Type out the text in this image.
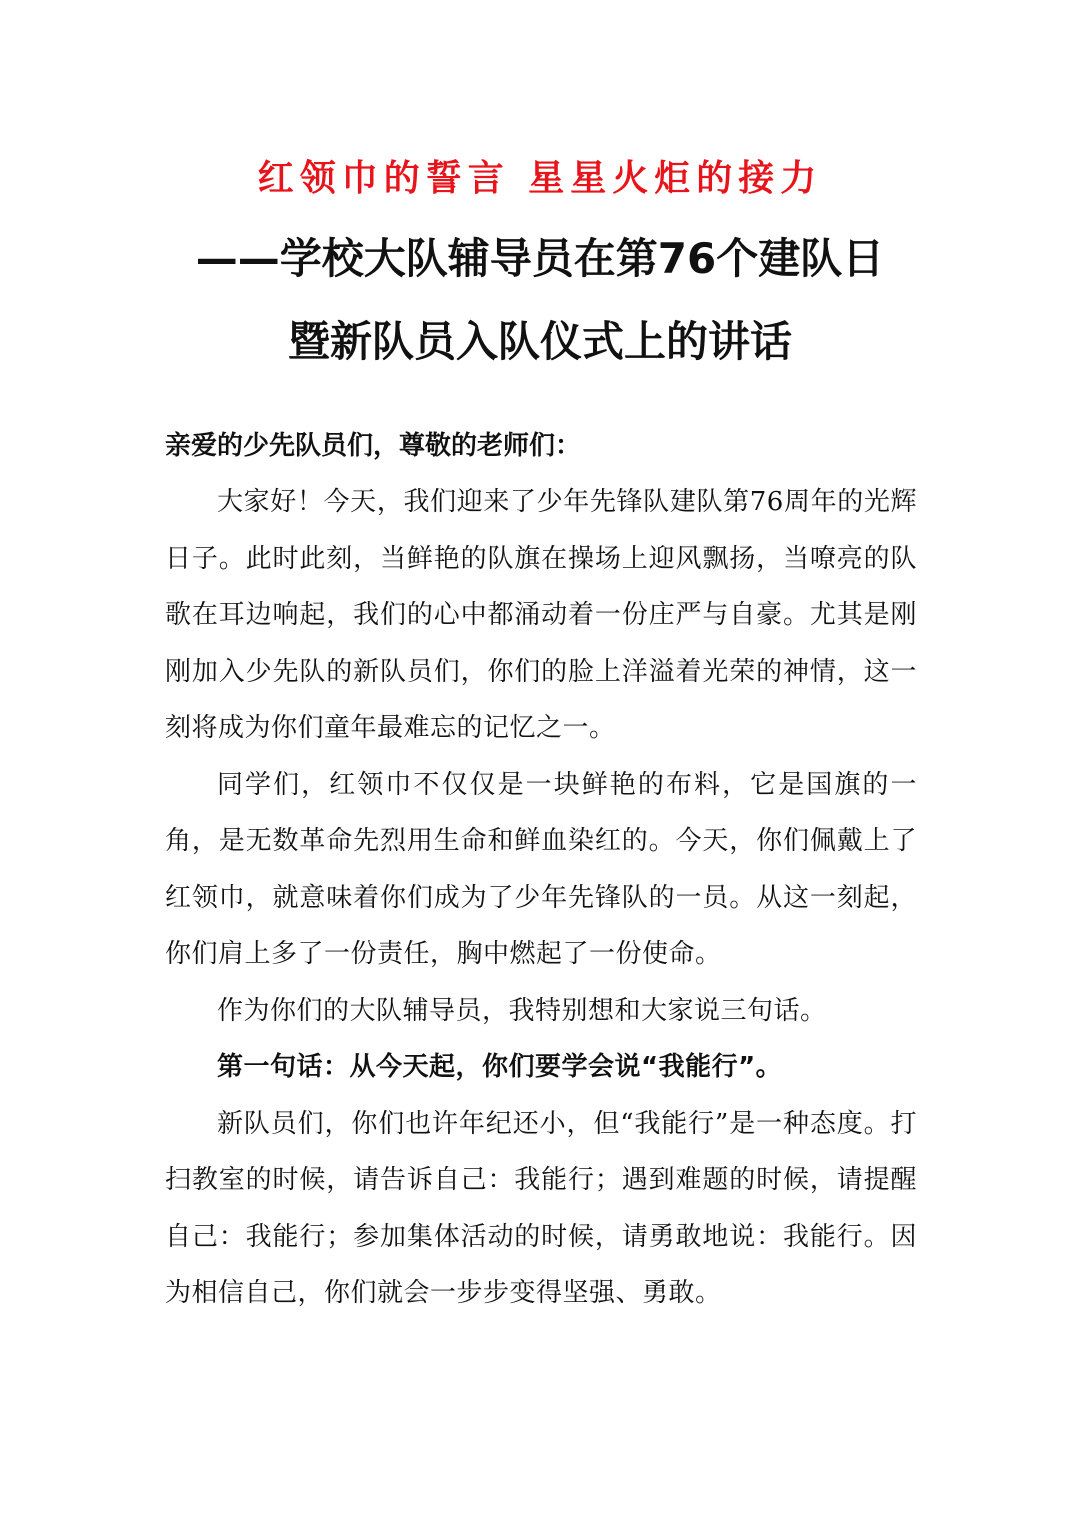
红领巾的誓言 星星火炬的接力
——学校大队辅导员在第76个建队日
暨新队员入队仪式上的讲话
亲爱的少先队员们，尊敬的老师们：

大家好！今天，我们迎来了少年先锋队建队第76周年的光辉日子。此时此刻，当鲜艳的队旗在操场上迎风飘扬，当嘹亮的队歌在耳边响起，我们的心中都涌动着一份庄严与自豪。尤其是刚刚加入少先队的新队员们，你们的脸上洋溢着光荣的神情，这一刻将成为你们童年最难忘的记忆之一。

同学们，红领巾不仅仅是一块鲜艳的布料，它是国旗的一角，是无数革命先烈用生命和鲜血染红的。今天，你们佩戴上了红领巾，就意味着你们成为了少年先锋队的一员。从这一刻起，你们肩上多了一份责任，胸中燃起了一份使命。

作为你们的大队辅导员，我特别想和大家说三句话。

第一句话：从今天起，你们要学会说“我能行”。

新队员们，你们也许年纪还小，但“我能行”是一种态度。打扫教室的时候，请告诉自己：我能行；遇到难题的时候，请提醒自己：我能行；参加集体活动的时候，请勇敢地说：我能行。因为相信自己，你们就会一步步变得坚强、勇敢。
